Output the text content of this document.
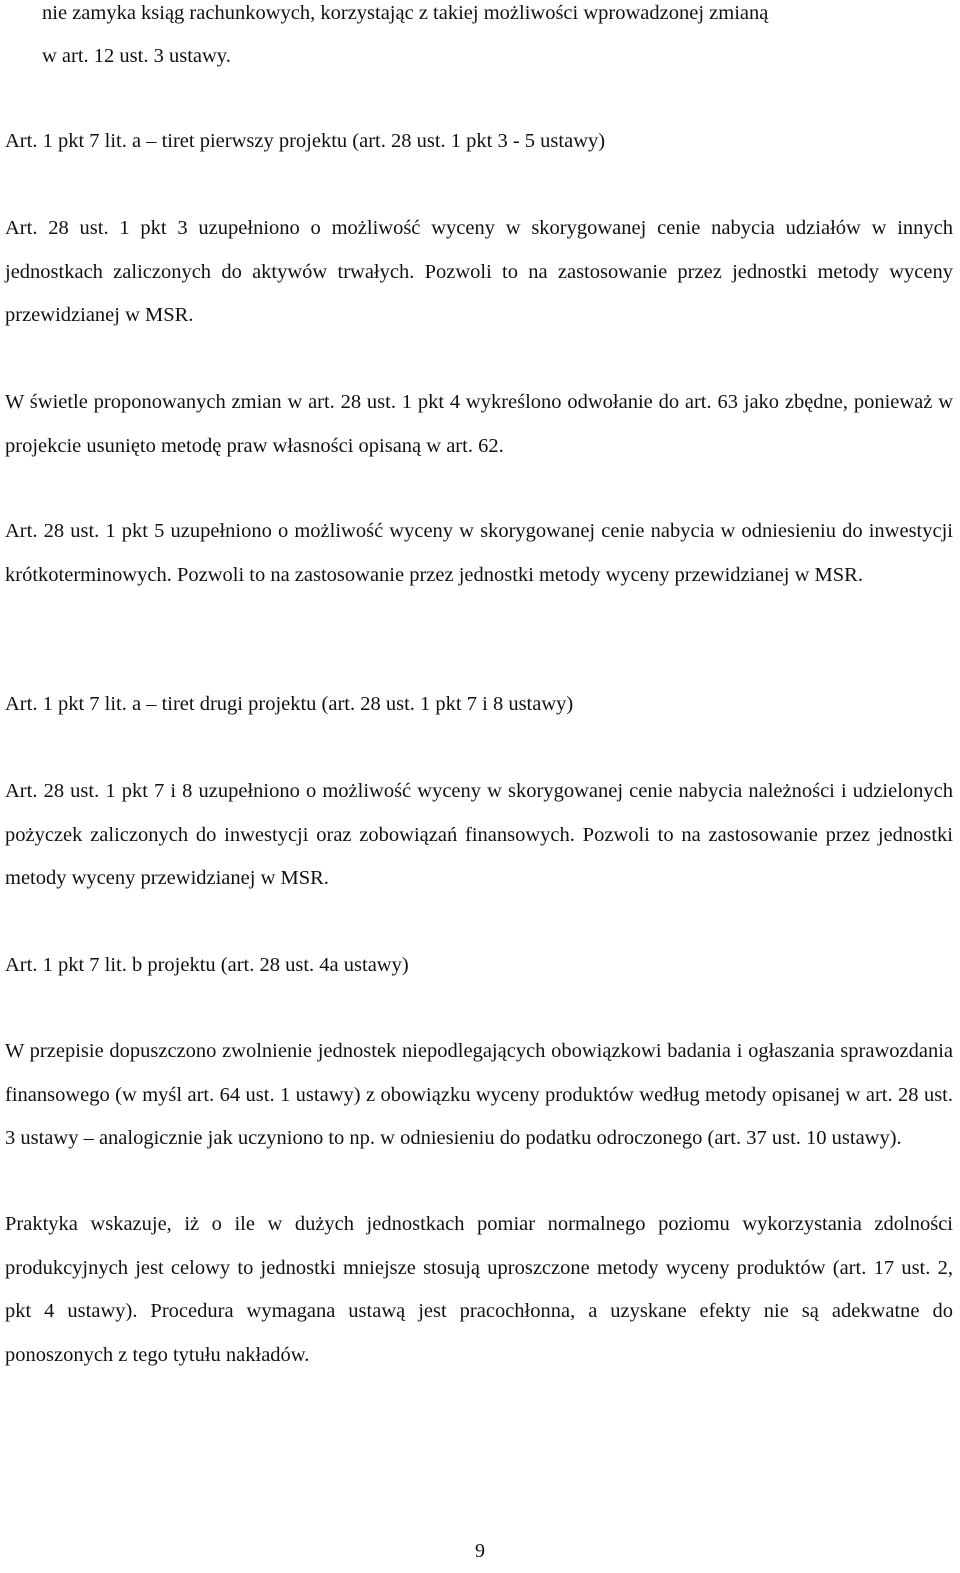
nie zamyka ksiąg rachunkowych, korzystając z takiej możliwości wprowadzonej zmianą

w art. 12 ust. 3 ustawy.

Art. 1 pkt 7 lit. a – tiret pierwszy projektu (art. 28 ust. 1 pkt 3 - 5 ustawy)

Art. 28 ust. 1 pkt 3 uzupełniono o możliwość wyceny w skorygowanej cenie nabycia udziałów w innych jednostkach zaliczonych do aktywów trwałych. Pozwoli to na zastosowanie przez jednostki metody wyceny przewidzianej w MSR.

W świetle proponowanych zmian w art. 28 ust. 1 pkt 4 wykreślono odwołanie do art. 63 jako zbędne, ponieważ w projekcie usunięto metodę praw własności opisaną w art. 62.

Art. 28 ust. 1 pkt 5 uzupełniono o możliwość wyceny w skorygowanej cenie nabycia w odniesieniu do inwestycji krótkoterminowych. Pozwoli to na zastosowanie przez jednostki metody wyceny przewidzianej w MSR.

Art. 1 pkt 7 lit. a – tiret drugi projektu (art. 28 ust. 1 pkt 7 i 8 ustawy)

Art. 28 ust. 1 pkt 7 i 8 uzupełniono o możliwość wyceny w skorygowanej cenie nabycia należności i udzielonych pożyczek zaliczonych do inwestycji oraz zobowiązań finansowych. Pozwoli to na zastosowanie przez jednostki metody wyceny przewidzianej w MSR.

Art. 1 pkt 7 lit. b projektu (art. 28 ust. 4a ustawy)

W przepisie dopuszczono zwolnienie jednostek niepodlegających obowiązkowi badania i ogłaszania sprawozdania finansowego (w myśl art. 64 ust. 1 ustawy) z obowiązku wyceny produktów według metody opisanej w art. 28 ust. 3 ustawy – analogicznie jak uczyniono to np. w odniesieniu do podatku odroczonego (art. 37 ust. 10 ustawy).

Praktyka wskazuje, iż o ile w dużych jednostkach pomiar normalnego poziomu wykorzystania zdolności produkcyjnych jest celowy to jednostki mniejsze stosują uproszczone metody wyceny produktów (art. 17 ust. 2, pkt 4 ustawy). Procedura wymagana ustawą jest pracochłonna, a uzyskane efekty nie są adekwatne do ponoszonych z tego tytułu nakładów.

9
